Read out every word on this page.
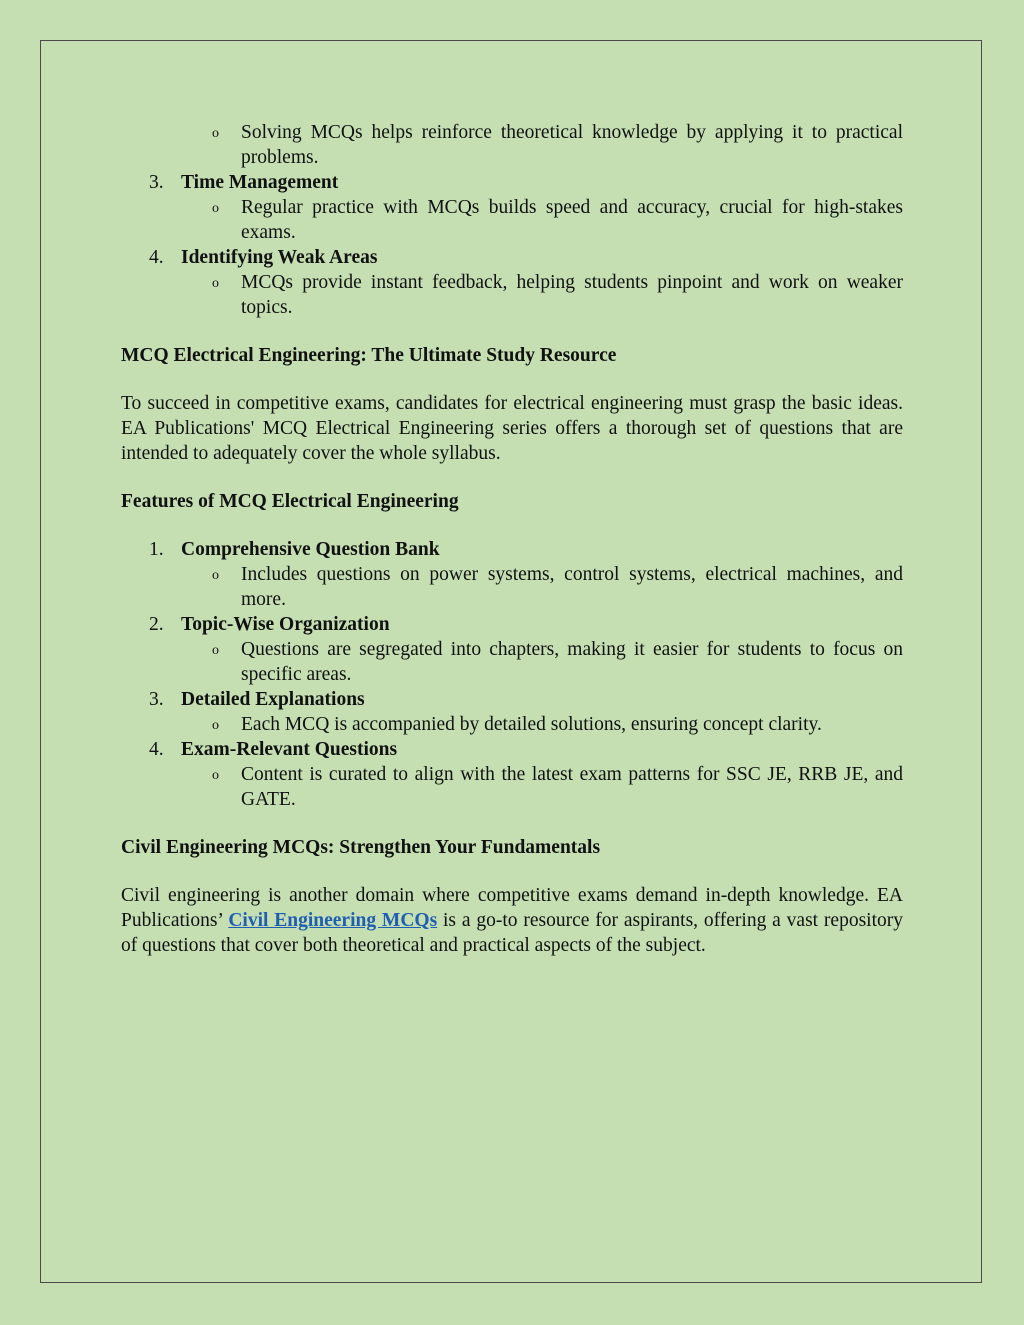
o Solving MCQs helps reinforce theoretical knowledge by applying it to practical problems.
3. Time Management
o Regular practice with MCQs builds speed and accuracy, crucial for high-stakes exams.
4. Identifying Weak Areas
o MCQs provide instant feedback, helping students pinpoint and work on weaker topics.
MCQ Electrical Engineering: The Ultimate Study Resource
To succeed in competitive exams, candidates for electrical engineering must grasp the basic ideas. EA Publications' MCQ Electrical Engineering series offers a thorough set of questions that are intended to adequately cover the whole syllabus.
Features of MCQ Electrical Engineering
1. Comprehensive Question Bank
o Includes questions on power systems, control systems, electrical machines, and more.
2. Topic-Wise Organization
o Questions are segregated into chapters, making it easier for students to focus on specific areas.
3. Detailed Explanations
o Each MCQ is accompanied by detailed solutions, ensuring concept clarity.
4. Exam-Relevant Questions
o Content is curated to align with the latest exam patterns for SSC JE, RRB JE, and GATE.
Civil Engineering MCQs: Strengthen Your Fundamentals
Civil engineering is another domain where competitive exams demand in-depth knowledge. EA Publications’ Civil Engineering MCQs is a go-to resource for aspirants, offering a vast repository of questions that cover both theoretical and practical aspects of the subject.
